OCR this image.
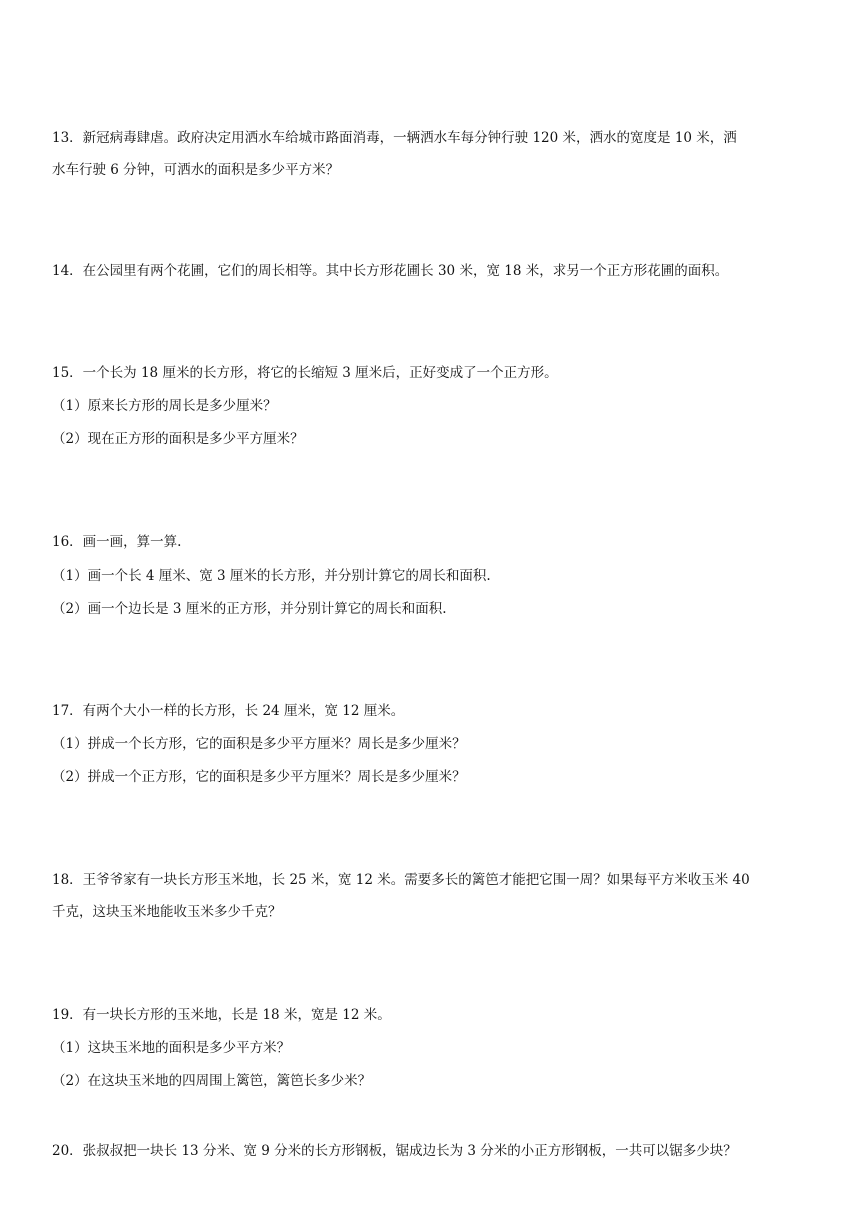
13．新冠病毒肆虐。政府决定用洒水车给城市路面消毒，一辆洒水车每分钟行驶 120 米，洒水的宽度是 10 米，洒
水车行驶 6 分钟，可洒水的面积是多少平方米？
14．在公园里有两个花圃，它们的周长相等。其中长方形花圃长 30 米，宽 18 米，求另一个正方形花圃的面积。
15．一个长为 18 厘米的长方形，将它的长缩短 3 厘米后，正好变成了一个正方形。
（1）原来长方形的周长是多少厘米？
（2）现在正方形的面积是多少平方厘米？
16．画一画，算一算.
（1）画一个长 4 厘米、宽 3 厘米的长方形，并分别计算它的周长和面积.
（2）画一个边长是 3 厘米的正方形，并分别计算它的周长和面积.
17．有两个大小一样的长方形，长 24 厘米，宽 12 厘米。
（1）拼成一个长方形，它的面积是多少平方厘米？周长是多少厘米？
（2）拼成一个正方形，它的面积是多少平方厘米？周长是多少厘米？
18．王爷爷家有一块长方形玉米地，长 25 米，宽 12 米。需要多长的篱笆才能把它围一周？如果每平方米收玉米 40
千克，这块玉米地能收玉米多少千克？
19．有一块长方形的玉米地，长是 18 米，宽是 12 米。
（1）这块玉米地的面积是多少平方米？
（2）在这块玉米地的四周围上篱笆，篱笆长多少米？
20．张叔叔把一块长 13 分米、宽 9 分米的长方形钢板，锯成边长为 3 分米的小正方形钢板，一共可以锯多少块？
